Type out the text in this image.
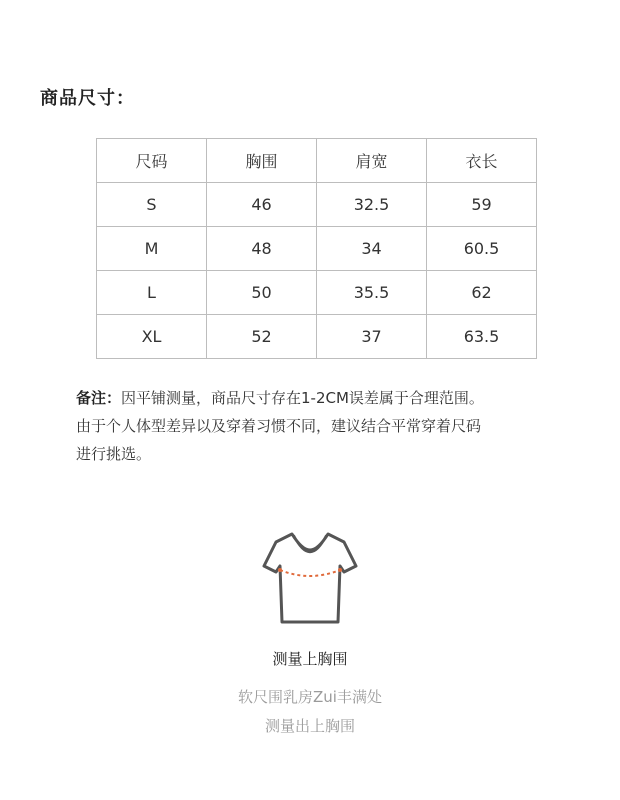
商品尺寸：
尺码	胸围	肩宽	衣长
S	46	32.5	59
M	48	34	60.5
L	50	35.5	62
XL	52	37	63.5
备注：因平铺测量，商品尺寸存在1-2CM误差属于合理范围。
由于个人体型差异以及穿着习惯不同，建议结合平常穿着尺码
进行挑选。
测量上胸围
软尺围乳房Zui丰满处
测量出上胸围
